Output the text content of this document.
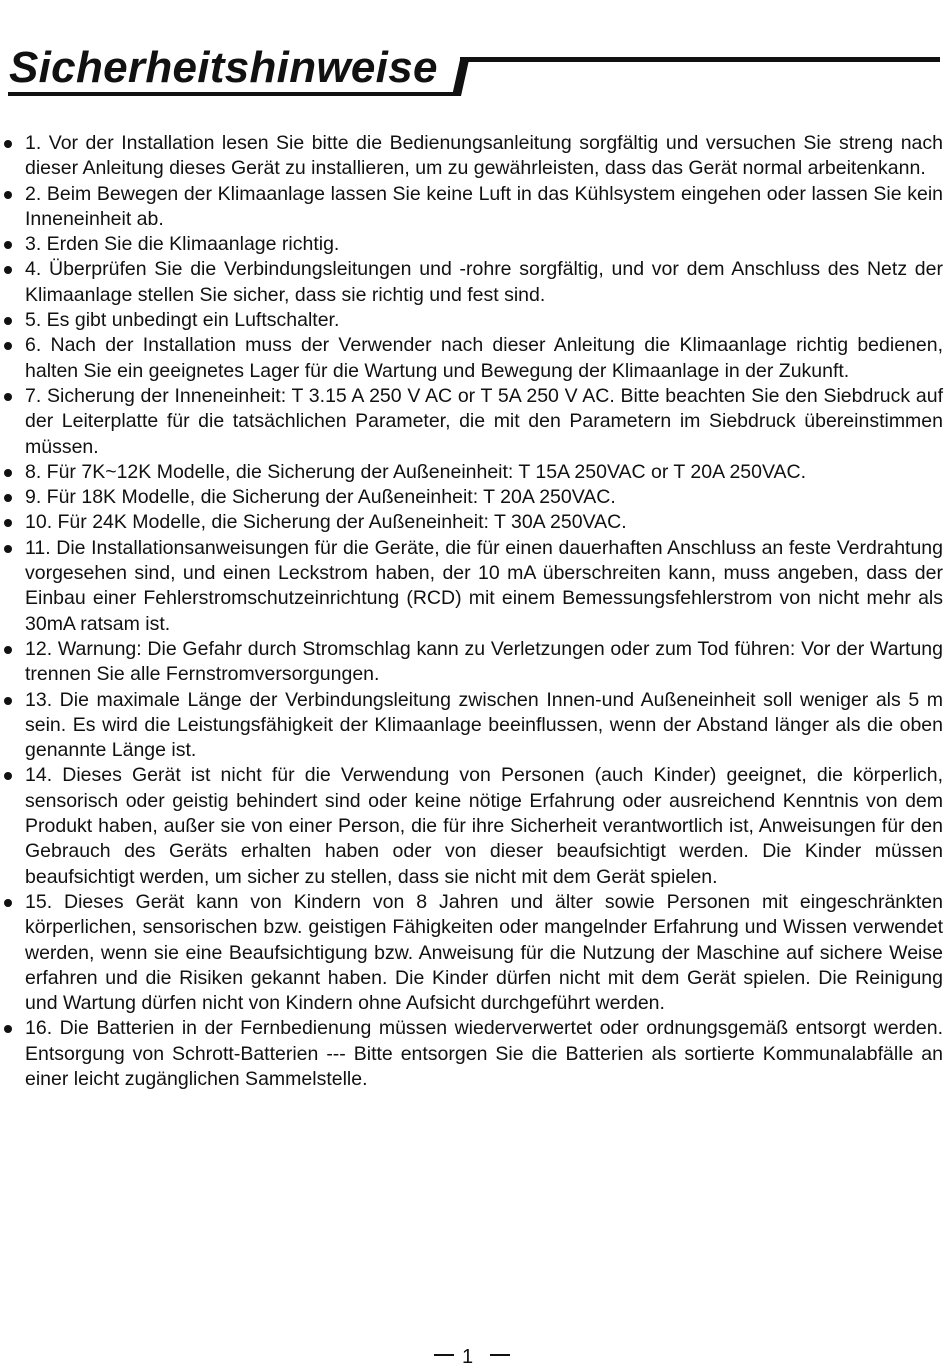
Sicherheitshinweise
1. Vor der Installation lesen Sie bitte die Bedienungsanleitung sorgfältig und versuchen Sie streng nach dieser Anleitung dieses Gerät zu installieren, um zu gewährleisten, dass das Gerät normal arbeitenkann.
2. Beim Bewegen der Klimaanlage lassen Sie keine Luft in das Kühlsystem eingehen oder lassen Sie kein Inneneinheit ab.
3. Erden Sie die Klimaanlage richtig.
4. Überprüfen Sie die Verbindungsleitungen und -rohre sorgfältig, und vor dem Anschluss des Netz der Klimaanlage stellen Sie sicher, dass sie richtig und fest sind.
5. Es gibt unbedingt ein Luftschalter.
6. Nach der Installation muss der Verwender nach dieser Anleitung die Klimaanlage richtig bedienen, halten Sie ein geeignetes Lager für die Wartung und Bewegung der Klimaanlage in der Zukunft.
7. Sicherung der Inneneinheit: T 3.15 A 250 V AC or T 5A 250 V AC. Bitte beachten Sie den Siebdruck auf der Leiterplatte für die tatsächlichen Parameter, die mit den Parametern im Siebdruck übereinstimmen müssen.
8. Für 7K~12K Modelle, die Sicherung der Außeneinheit: T 15A 250VAC or T 20A 250VAC.
9. Für 18K Modelle, die Sicherung der Außeneinheit: T 20A 250VAC.
10. Für 24K Modelle, die Sicherung der Außeneinheit: T 30A 250VAC.
11. Die Installationsanweisungen für die Geräte, die für einen dauerhaften Anschluss an feste Verdrahtung vorgesehen sind, und einen Leckstrom haben, der 10 mA überschreiten kann, muss angeben, dass der Einbau einer Fehlerstromschutzeinrichtung (RCD) mit einem Bemessungsfehlerstrom von nicht mehr als 30mA ratsam ist.
12. Warnung: Die Gefahr durch Stromschlag kann zu Verletzungen oder zum Tod führen: Vor der Wartung trennen Sie alle Fernstromversorgungen.
13. Die maximale Länge der Verbindungsleitung zwischen Innen-und Außeneinheit soll weniger als 5 m sein. Es wird die Leistungsfähigkeit der Klimaanlage beeinflussen, wenn der Abstand länger als die oben genannte Länge ist.
14. Dieses Gerät ist nicht für die Verwendung von Personen (auch Kinder) geeignet, die körperlich, sensorisch oder geistig behindert sind oder keine nötige Erfahrung oder ausreichend Kenntnis von dem Produkt haben, außer sie von einer Person, die für ihre Sicherheit verantwortlich ist, Anweisungen für den Gebrauch des Geräts erhalten haben oder von dieser beaufsichtigt werden. Die Kinder müssen beaufsichtigt werden, um sicher zu stellen, dass sie nicht mit dem Gerät spielen.
15. Dieses Gerät kann von Kindern von 8 Jahren und älter sowie Personen mit eingeschränkten körperlichen, sensorischen bzw. geistigen Fähigkeiten oder mangelnder Erfahrung und Wissen verwendet werden, wenn sie eine Beaufsichtigung bzw. Anweisung für die Nutzung der Maschine auf sichere Weise erfahren und die Risiken gekannt haben. Die Kinder dürfen nicht mit dem Gerät spielen. Die Reinigung und Wartung dürfen nicht von Kindern ohne Aufsicht durchgeführt werden.
16. Die Batterien in der Fernbedienung müssen wiederverwertet oder ordnungsgemäß entsorgt werden. Entsorgung von Schrott-Batterien --- Bitte entsorgen Sie die Batterien als sortierte Kommunalabfälle an einer leicht zugänglichen Sammelstelle.
1
